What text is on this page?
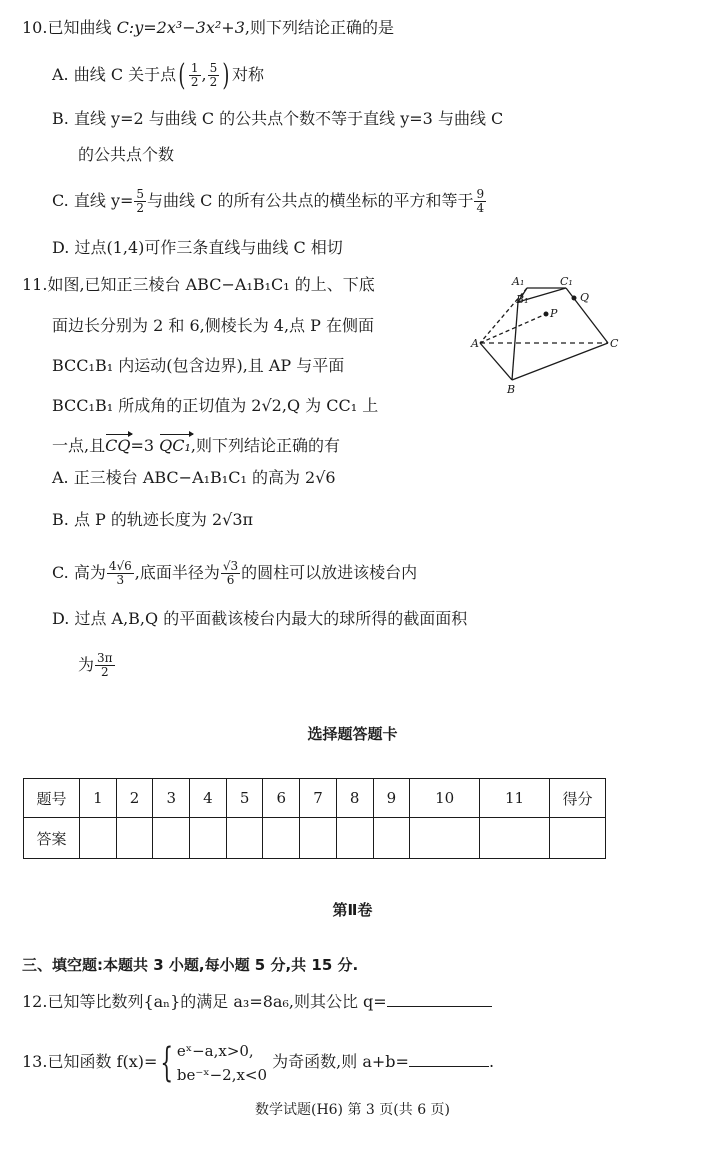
10.已知曲线 C:y=2x³−3x²+3,则下列结论正确的是
A. 曲线 C 关于点( $\frac{1}{2}$ , $\frac{5}{2}$ ) 对称
B. 直线 y=2 与曲线 C 的公共点个数不等于直线 y=3 与曲线 C
的公共点个数
C. 直线 $y= \frac{5}{2}$ 与曲线 C 的所有公共点的横坐标的平方和等于 $\frac{9}{4}$
D. 过点(1,4)可作三条直线与曲线 C 相切
11.如图,已知正三棱台 ABC−A₁B₁C₁ 的上、下底
面边长分别为 2 和 6,侧棱长为 4,点 P 在侧面
BCC₁B₁ 内运动(包含边界),且 AP 与平面
BCC₁B₁ 所成角的正切值为 2√2,Q 为 CC₁ 上
一点,且CQ=3 QC₁,则下列结论正确的有
A₁	C₁
B₁	Q
P
A
B
C
A. 正三棱台 ABC−A₁B₁C₁ 的高为 2√6
B. 点 P 的轨迹长度为 2√3π
C. 高为 $\frac{4√6}{3}$ ,底面半径为 $\frac{√3}{6}$ 的圆柱可以放进该棱台内
D. 过点 A,B,Q 的平面截该棱台内最大的球所得的截面面积
为 $\frac{3\pi}{2}$
选择题答题卡
题号	1	2	3	4	5	6	7	8	9	10	11	得分
答案												
第Ⅱ卷
三、填空题:本题共 3 小题,每小题 5 分,共 15 分.
12.已知等比数列{aₙ}的满足 a₃=8a₆,则其公比 q=
13.已知函数 f(x)={ eˣ−a,x>0,
be⁻ˣ−2,x<0
为奇函数,则 a+b=	.
数学试题(H6) 第 3 页(共 6 页)
